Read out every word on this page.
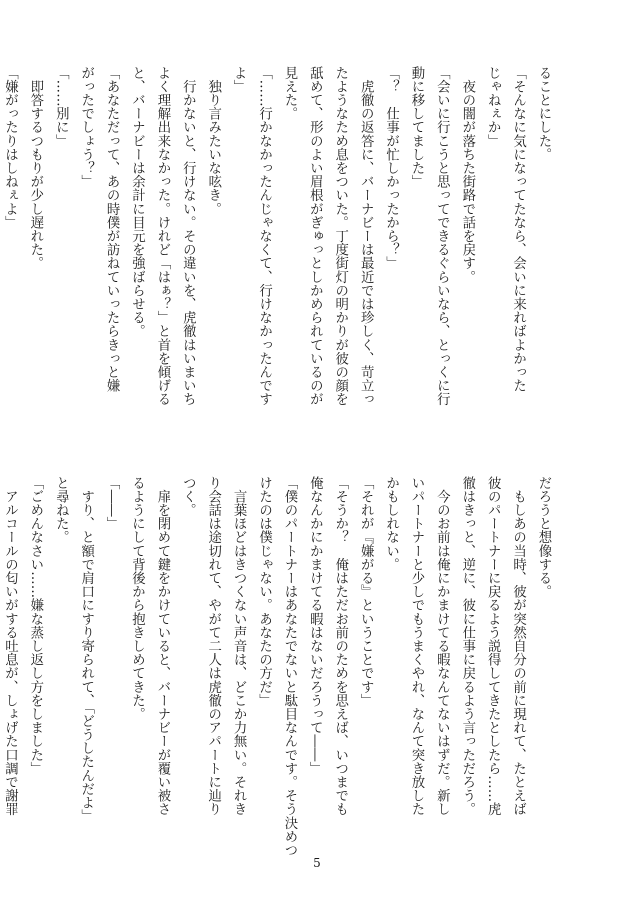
ることにした。
「そんなに気になってたなら、会いに来ればよかった
じゃねぇか」
　夜の闇が落ちた街路で話を戻す。
「会いに行こうと思ってできるぐらいなら、とっくに行
動に移してました」
「？　仕事が忙しかったから？」
　虎徹の返答に、バーナビーは最近では珍しく、苛立っ
たようなため息をついた。丁度街灯の明かりが彼の顔を
舐めて、形のよい眉根がぎゅっとしかめられているのが
見えた。
「……行かなかったんじゃなくて、行けなかったんです
よ」
　独り言みたいな呟き。
　行かないと、行けない。その違いを、虎徹はいまいち
よく理解出来なかった。けれど「はぁ？」と首を傾げる
と、バーナビーは余計に目元を強ばらせる。
「あなただって、あの時僕が訪ねていったらきっと嫌
がったでしょう？」
「……別に」
　即答するつもりが少し遅れた。
「嫌がったりはしねぇよ」
だろうと想像する。
　もしあの当時、彼が突然自分の前に現れて、たとえば
彼のパートナーに戻るよう説得してきたとしたら……虎
徹はきっと、逆に、彼に仕事に戻るよう言っただろう。
　今のお前は俺にかまけてる暇なんてないはずだ。新し
いパートナーと少しでもうまくやれ、なんて突き放した
かもしれない。
「それが『嫌がる』ということです」
「そうか？　俺はただお前のためを思えば、いつまでも
俺なんかにかまけてる暇はないだろうって――」
「僕のパートナーはあなたでないと駄目なんです。そう決めつ
けたのは僕じゃない。あなたの方だ」
　言葉ほどはきつくない声音は、どこか力無い。それき
り会話は途切れて、やがて二人は虎徹のアパートに辿り
つく。
　扉を閉めて鍵をかけていると、バーナビーが覆い被さ
るようにして背後から抱きしめてきた。
「――」
　すり、と額で肩口にすり寄られて、「どうしたんだよ」
と尋ねた。
「ごめんなさい……嫌な蒸し返し方をしました」
　アルコールの匂いがする吐息が、しょげた口調で謝罪
5
